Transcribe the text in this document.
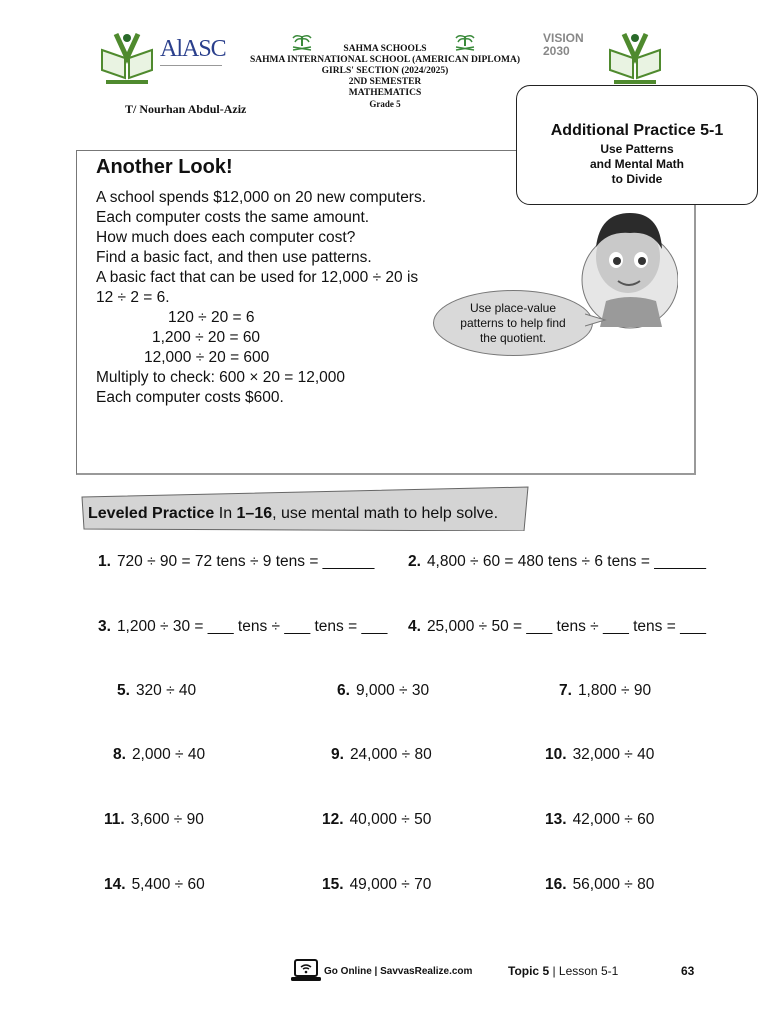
AlASC	SAHMA SCHOOLS
SAHMA INTERNATIONAL SCHOOL (AMERICAN DIPLOMA)
GIRLS' SECTION (2024/2025)
2ND SEMESTER
MATHEMATICS
Grade 5
VISION 2030
T/ Nourhan Abdul-Aziz
Additional Practice 5-1
Use Patterns
and Mental Math
to Divide
Another Look!
A school spends $12,000 on 20 new computers.
Each computer costs the same amount.
How much does each computer cost?
Find a basic fact, and then use patterns.
A basic fact that can be used for 12,000 ÷ 20 is
12 ÷ 2 = 6.
120 ÷ 20 = 6
1,200 ÷ 20 = 60
12,000 ÷ 20 = 600
Multiply to check: 600 × 20 = 12,000
Each computer costs $600.
Use place-value patterns to help find the quotient.
Leveled Practice In 1–16, use mental math to help solve.
1. 720 ÷ 90 = 72 tens ÷ 9 tens = ______ 2. 4,800 ÷ 60 = 480 tens ÷ 6 tens = ______
3. 1,200 ÷ 30 = ___ tens ÷ ___ tens = ___ 4. 25,000 ÷ 50 = ___ tens ÷ ___ tens = ___
5. 320 ÷ 40	6. 9,000 ÷ 30	7. 1,800 ÷ 90
8. 2,000 ÷ 40	9. 24,000 ÷ 80	10. 32,000 ÷ 40
11. 3,600 ÷ 90	12. 40,000 ÷ 50	13. 42,000 ÷ 60
14. 5,400 ÷ 60	15. 49,000 ÷ 70	16. 56,000 ÷ 80
Go Online | SavvasRealize.com	Topic 5 | Lesson 5-1	63
